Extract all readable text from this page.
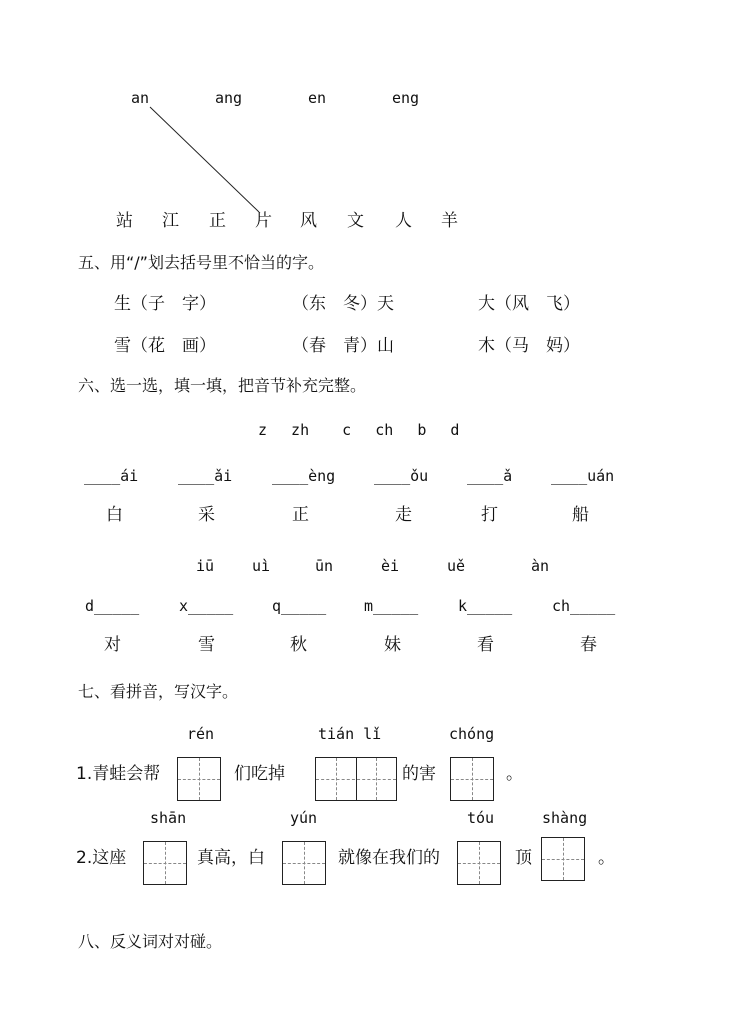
an	ang	en	eng
站 江 正 片 风 文 人 羊
五、用“/”划去括号里不恰当的字。
生（子　字）	（东　冬）天	大（风　飞）
雪（花　画）	（春　青）山	木（马　妈）
六、选一选，填一填，把音节补充完整。
z　 zh 　 c 　ch　 b　 d
____ái	____ǎi	____èng	____ǒu	____ǎ	____uán
白	采	正	走	打	船
iū	uì	ūn	èi	uě	àn
d_____	x_____	q_____	m_____	k_____	ch_____
对	雪	秋	妹	看	春
七、看拼音，写汉字。
rén	tián lǐ	chóng
1.青蛙会帮	们吃掉	的害	。
shān	yún	tóu	shàng
2.这座	真高，白	就像在我们的	顶	。
八、反义词对对碰。
